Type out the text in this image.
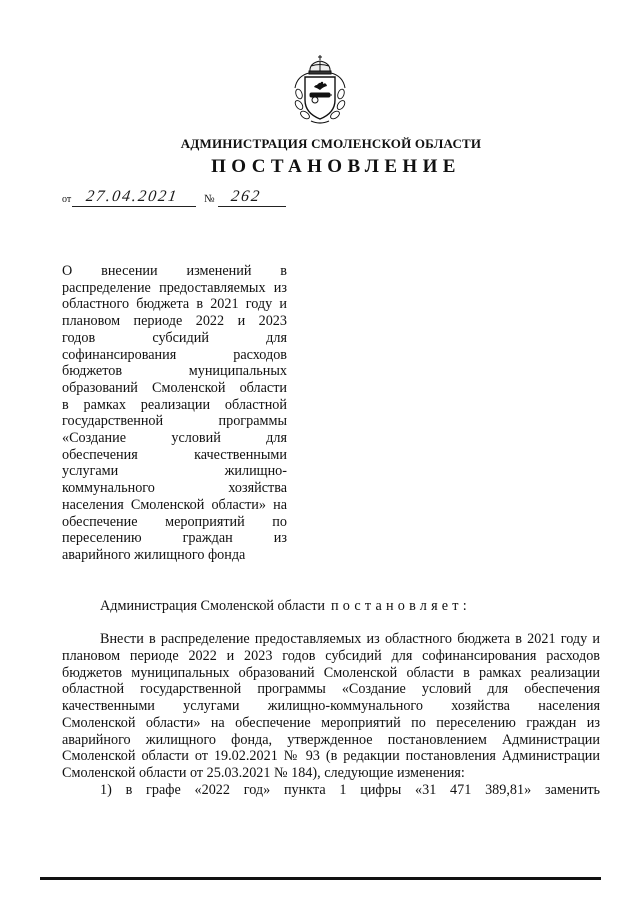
АДМИНИСТРАЦИЯ СМОЛЕНСКОЙ ОБЛАСТИ
ПОСТАНОВЛЕНИЕ
от 27.04.2021 № 262
О внесении изменений в
распределение предоставляемых из
областного бюджета в 2021 году и
плановом периоде 2022 и 2023
годов субсидий для
софинансирования расходов
бюджетов муниципальных
образований Смоленской области
в рамках реализации областной
государственной программы
«Создание условий для
обеспечения качественными
услугами жилищно-
коммунального хозяйства
населения Смоленской области» на
обеспечение мероприятий по
переселению граждан из
аварийного жилищного фонда
Администрация Смоленской области постановляет:
Внести в распределение предоставляемых из областного бюджета в 2021 году и
плановом периоде 2022 и 2023 годов субсидий для софинансирования расходов
бюджетов муниципальных образований Смоленской области в рамках реализации
областной государственной программы «Создание условий для обеспечения
качественными услугами жилищно-коммунального хозяйства населения
Смоленской области» на обеспечение мероприятий по переселению граждан из
аварийного жилищного фонда, утвержденное постановлением Администрации
Смоленской области от 19.02.2021 № 93 (в редакции постановления Администрации
Смоленской области от 25.03.2021 № 184), следующие изменения:
1) в графе «2022 год» пункта 1 цифры «31 471 389,81» заменить
